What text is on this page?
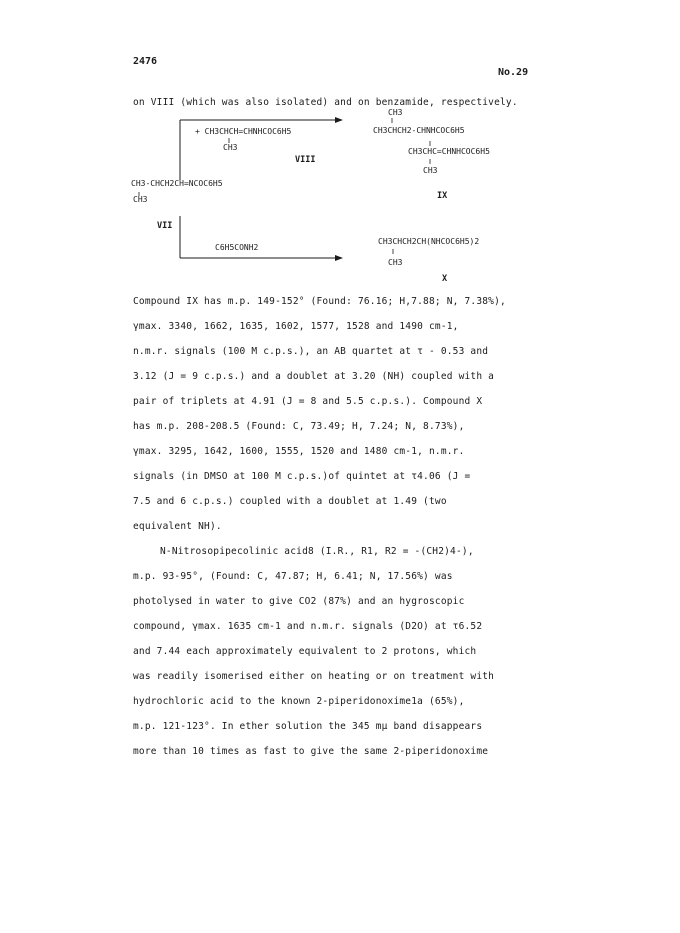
2476
No.29
on VIII (which was also isolated) and on benzamide, respectively.
+ CH3CHCH=CHNHCOC6H5
CH3
VIII
CH3-CHCH2CH=NCOC6H5
CH3
VII
C6H5CONH2
CH3
CH3CHCH2-CHNHCOC6H5
CH3CHC=CHNHCOC6H5
CH3
IX
CH3CHCH2CH(NHCOC6H5)2
CH3
X
Compound IX has m.p. 149-152° (Found: 76.16; H,7.88; N, 7.38%),
γmax. 3340, 1662, 1635, 1602, 1577, 1528 and 1490 cm-1,
n.m.r. signals (100 M c.p.s.), an AB quartet at τ - 0.53 and
3.12 (J = 9 c.p.s.) and a doublet at 3.20 (NH) coupled with a
pair of triplets at 4.91 (J = 8 and 5.5 c.p.s.). Compound X
has m.p. 208-208.5 (Found: C, 73.49; H, 7.24; N, 8.73%),
γmax. 3295, 1642, 1600, 1555, 1520 and 1480 cm-1, n.m.r.
signals (in DMSO at 100 M c.p.s.)of quintet at τ4.06 (J =
7.5 and 6 c.p.s.) coupled with a doublet at 1.49 (two
equivalent NH).
N-Nitrosopipecolinic acid8 (I.R., R1, R2 = -(CH2)4-),
m.p. 93-95°, (Found: C, 47.87; H, 6.41; N, 17.56%) was
photolysed in water to give CO2 (87%) and an hygroscopic
compound, γmax. 1635 cm-1 and n.m.r. signals (D2O) at τ6.52
and 7.44 each approximately equivalent to 2 protons, which
was readily isomerised either on heating or on treatment with
hydrochloric acid to the known 2-piperidonoxime1a (65%),
m.p. 121-123°. In ether solution the 345 mμ band disappears
more than 10 times as fast to give the same 2-piperidonoxime
